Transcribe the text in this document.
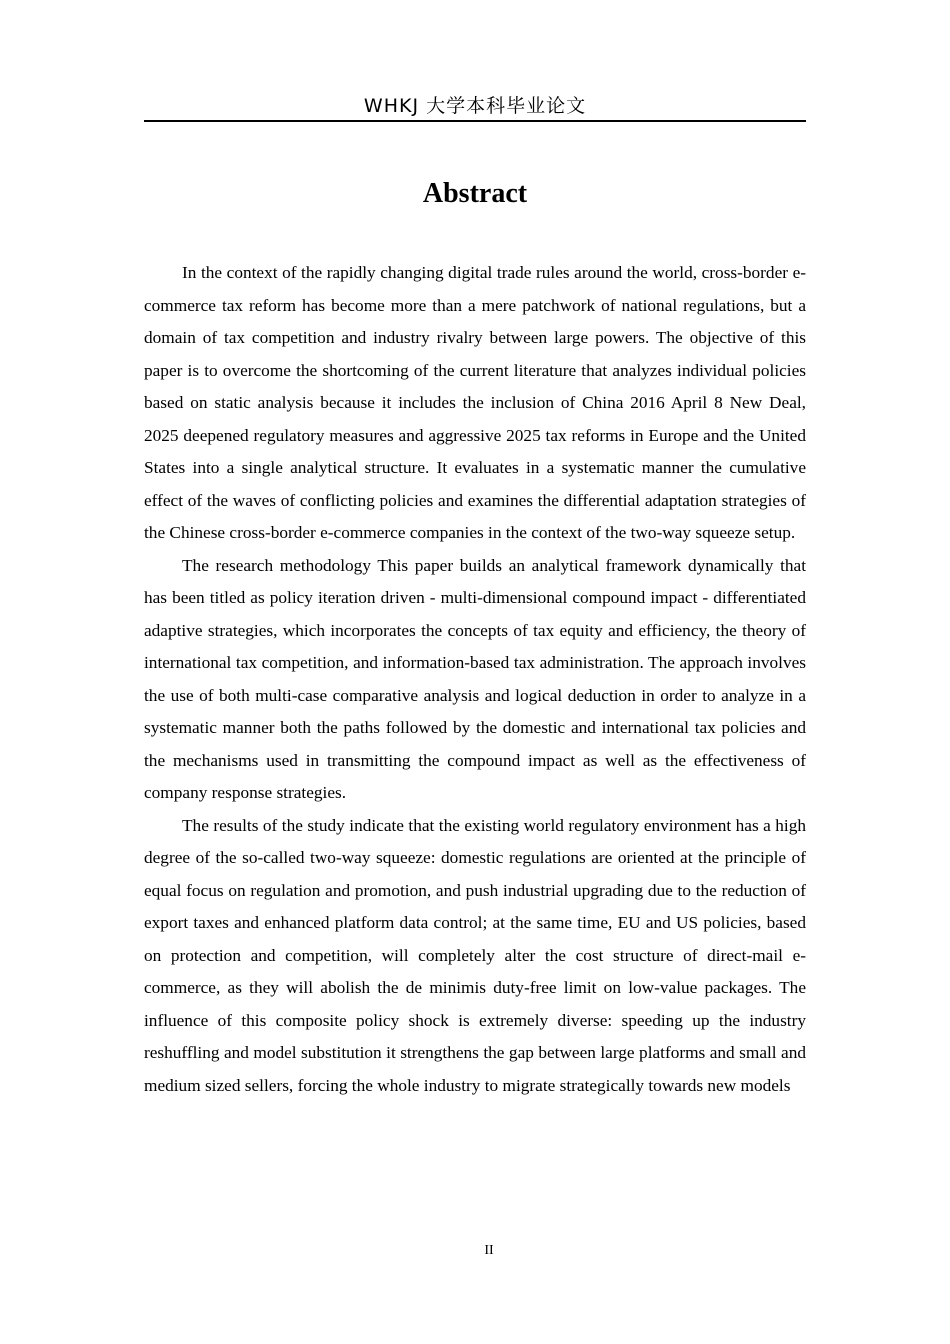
WHKJ 大学本科毕业论文
Abstract

In the context of the rapidly changing digital trade rules around the world, cross-border e-commerce tax reform has become more than a mere patchwork of national regulations, but a domain of tax competition and industry rivalry between large powers. The objective of this paper is to overcome the shortcoming of the current literature that analyzes individual policies based on static analysis because it includes the inclusion of China 2016 April 8 New Deal, 2025 deepened regulatory measures and aggressive 2025 tax reforms in Europe and the United States into a single analytical structure. It evaluates in a systematic manner the cumulative effect of the waves of conflicting policies and examines the differential adaptation strategies of the Chinese cross-border e-commerce companies in the context of the two-way squeeze setup.

The research methodology This paper builds an analytical framework dynamically that has been titled as policy iteration driven - multi-dimensional compound impact - differentiated adaptive strategies, which incorporates the concepts of tax equity and efficiency, the theory of international tax competition, and information-based tax administration. The approach involves the use of both multi-case comparative analysis and logical deduction in order to analyze in a systematic manner both the paths followed by the domestic and international tax policies and the mechanisms used in transmitting the compound impact as well as the effectiveness of company response strategies.

The results of the study indicate that the existing world regulatory environment has a high degree of the so-called two-way squeeze: domestic regulations are oriented at the principle of equal focus on regulation and promotion, and push industrial upgrading due to the reduction of export taxes and enhanced platform data control; at the same time, EU and US policies, based on protection and competition, will completely alter the cost structure of direct-mail e-commerce, as they will abolish the de minimis duty-free limit on low-value packages. The influence of this composite policy shock is extremely diverse: speeding up the industry reshuffling and model substitution it strengthens the gap between large platforms and small and medium sized sellers, forcing the whole industry to migrate strategically towards new models

II
